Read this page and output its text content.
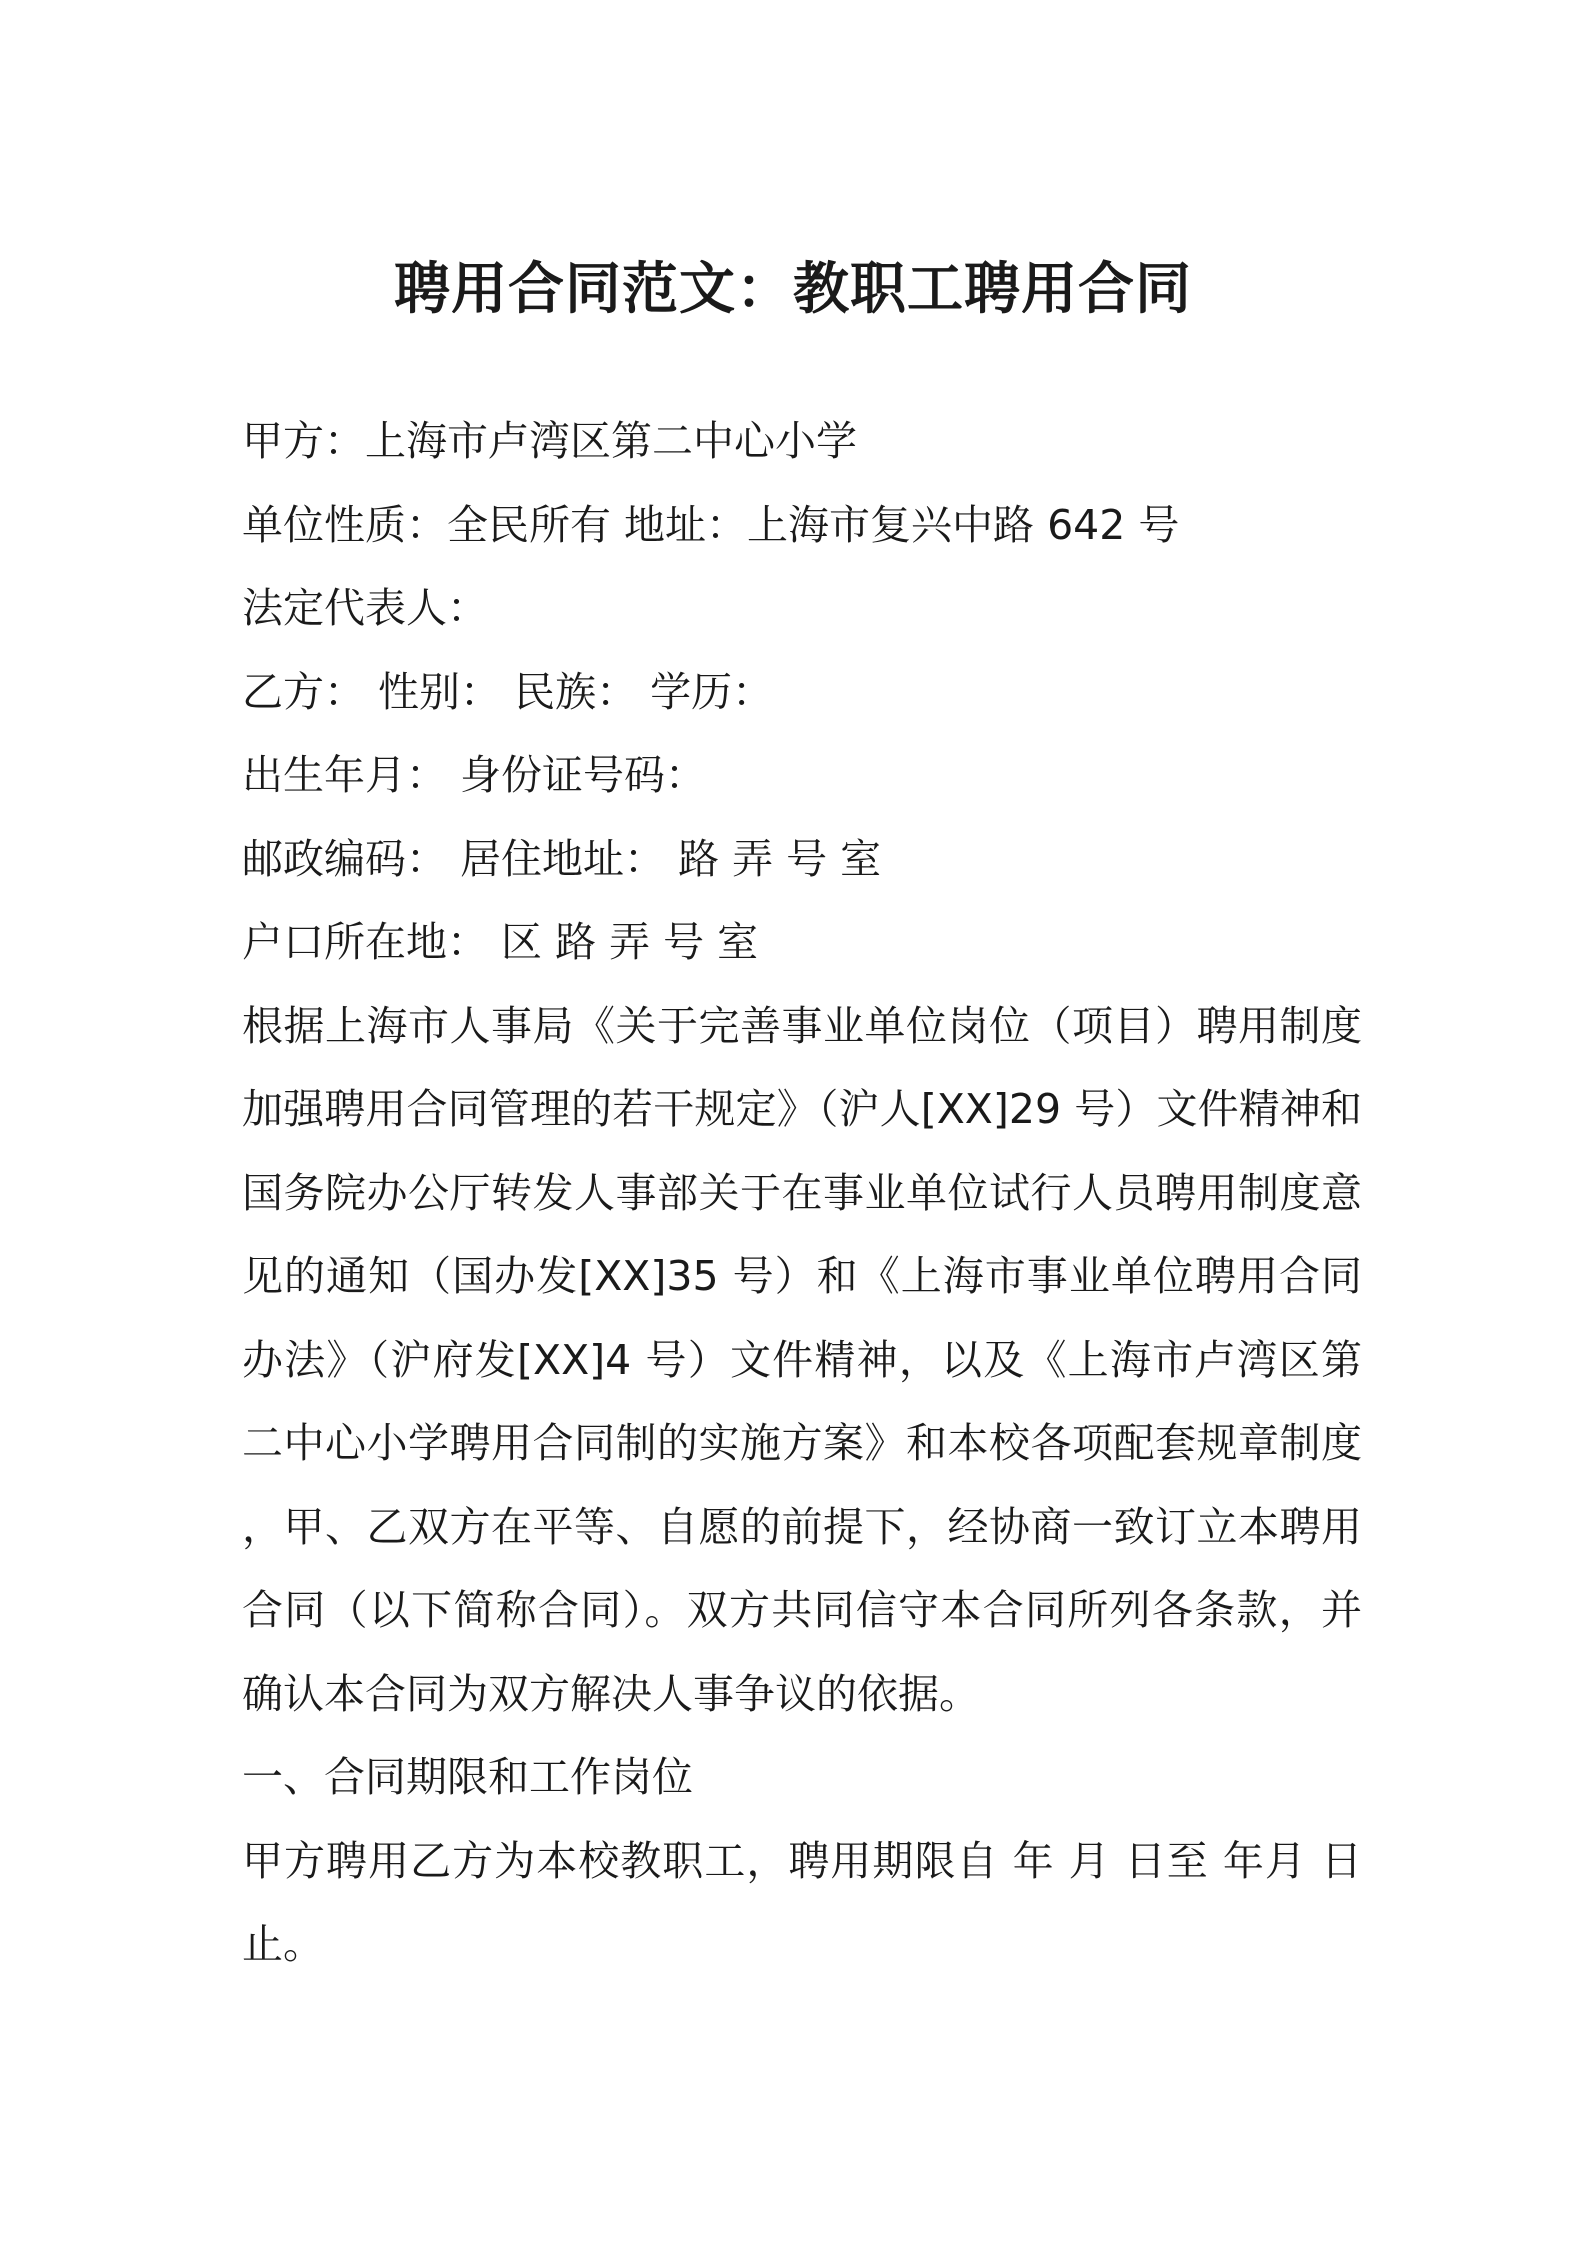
聘用合同范文：教职工聘用合同
甲方：上海市卢湾区第二中心小学
单位性质：全民所有 地址：上海市复兴中路 642 号
法定代表人：
乙方： 性别： 民族： 学历：
出生年月： 身份证号码：
邮政编码： 居住地址： 路 弄 号 室
户口所在地： 区 路 弄 号 室
根据上海市人事局《关于完善事业单位岗位（项目）聘用制度加强聘用合同管理的若干规定》（沪人[XX]29 号）文件精神和国务院办公厅转发人事部关于在事业单位试行人员聘用制度意见的通知（国办发[XX]35 号）和《上海市事业单位聘用合同办法》（沪府发[XX]4 号）文件精神，以及《上海市卢湾区第二中心小学聘用合同制的实施方案》和本校各项配套规章制度，甲、乙双方在平等、自愿的前提下，经协商一致订立本聘用合同（以下简称合同）。双方共同信守本合同所列各条款，并确认本合同为双方解决人事争议的依据。
一、合同期限和工作岗位
甲方聘用乙方为本校教职工，聘用期限自 年 月 日至 年月 日止。
